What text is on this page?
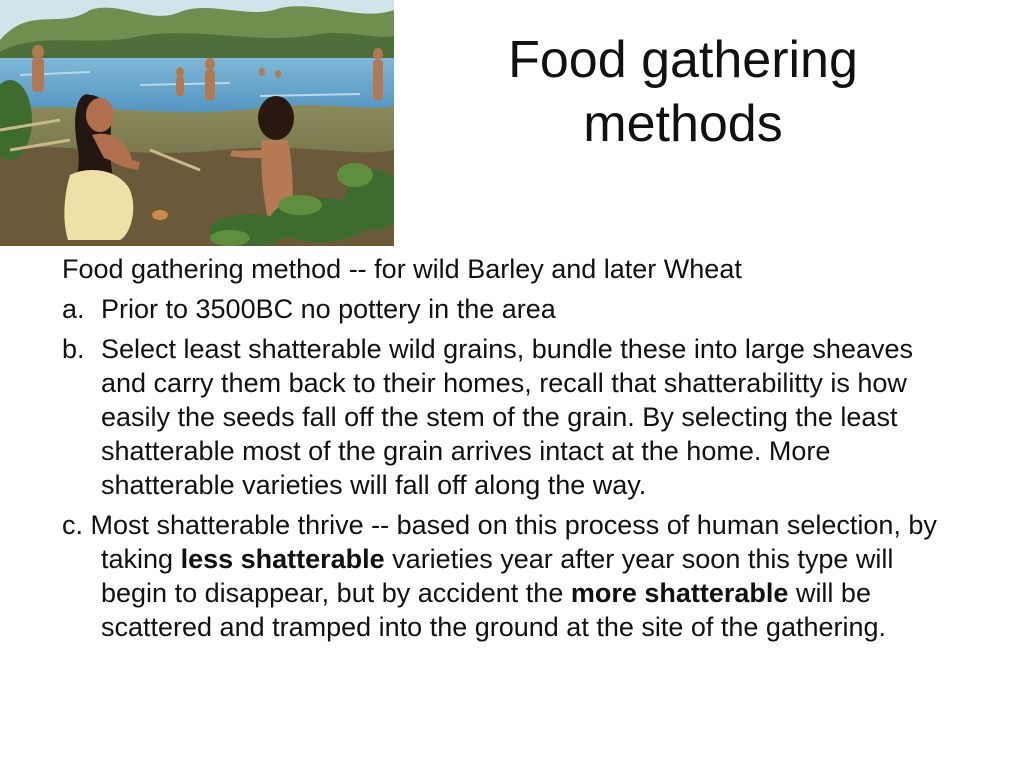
Food gathering
methods

Food gathering method -- for wild Barley and later Wheat

a. Prior to 3500BC no pottery in the area
b. Select least shatterable wild grains, bundle these into large sheaves and carry them back to their homes, recall that shatterabilitty is how easily the seeds fall off the stem of the grain. By selecting the least shatterable most of the grain arrives intact at the home. More shatterable varieties will fall off along the way.

c. Most shatterable thrive -- based on this process of human selection, by taking less shatterable varieties year after year soon this type will begin to disappear, but by accident the more shatterable will be scattered and tramped into the ground at the site of the gathering.
